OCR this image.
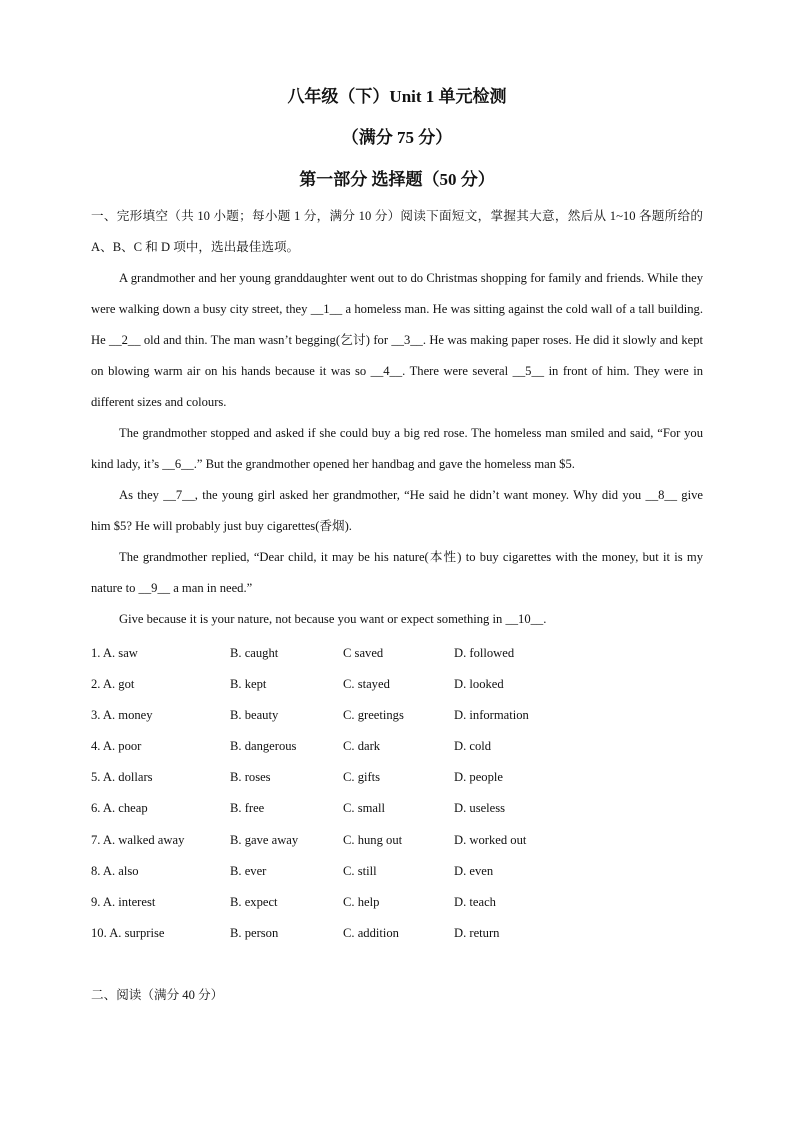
八年级（下）Unit 1 单元检测
（满分 75 分）
第一部分 选择题（50 分）
一、完形填空（共 10 小题；每小题 1 分，满分 10 分）阅读下面短文，掌握其大意，然后从 1~10 各题所给的 A、B、C 和 D 项中，选出最佳选项。

A grandmother and her young granddaughter went out to do Christmas shopping for family and friends. While they were walking down a busy city street, they __1__ a homeless man. He was sitting against the cold wall of a tall building. He __2__ old and thin. The man wasn’t begging(乞讨) for __3__. He was making paper roses. He did it slowly and kept on blowing warm air on his hands because it was so __4__. There were several __5__ in front of him. They were in different sizes and colours.

The grandmother stopped and asked if she could buy a big red rose. The homeless man smiled and said, “For you kind lady, it’s __6__.” But the grandmother opened her handbag and gave the homeless man $5.

As they __7__, the young girl asked her grandmother, “He said he didn’t want money. Why did you __8__ give him $5? He will probably just buy cigarettes(香烟).

The grandmother replied, “Dear child, it may be his nature(本性) to buy cigarettes with the money, but it is my nature to __9__ a man in need.”

Give because it is your nature, not because you want or expect something in __10__.

1. A. saw	B. caught	C saved	D. followed
2. A. got	B. kept	C. stayed	D. looked
3. A. money	B. beauty	C. greetings	D. information
4. A. poor	B. dangerous	C. dark	D. cold
5. A. dollars	B. roses	C. gifts	D. people
6. A. cheap	B. free	C. small	D. useless
7. A. walked away	B. gave away	C. hung out	D. worked out
8. A. also	B. ever	C. still	D. even
9. A. interest	B. expect	C. help	D. teach
10. A. surprise	B. person	C. addition	D. return
二、阅读（满分 40 分）
